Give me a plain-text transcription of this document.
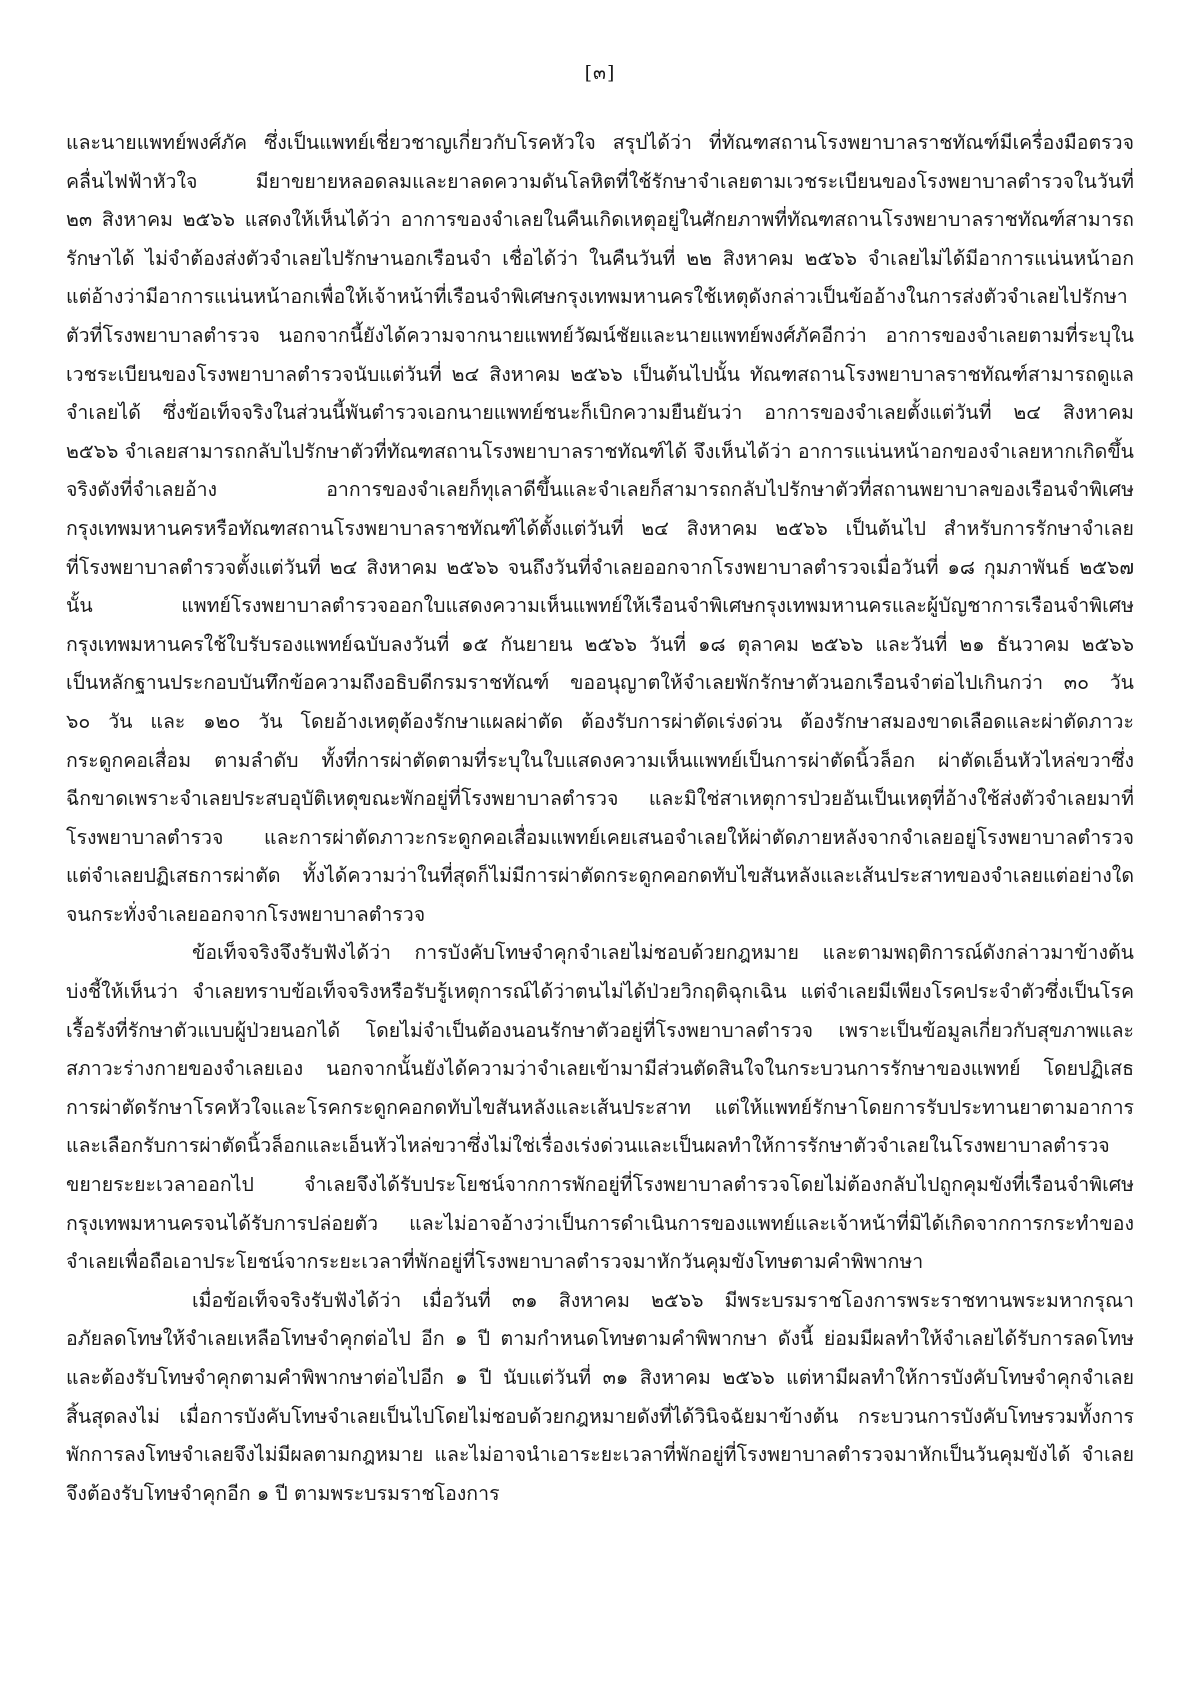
[๓]
และนายแพทย์พงศ์ภัค ซึ่งเป็นแพทย์เชี่ยวชาญเกี่ยวกับโรคหัวใจ สรุปได้ว่า ที่ทัณฑสถานโรงพยาบาลราชทัณฑ์มีเครื่องมือตรวจ
คลื่นไฟฟ้าหัวใจ มียาขยายหลอดลมและยาลดความดันโลหิตที่ใช้รักษาจำเลยตามเวชระเบียนของโรงพยาบาลตำรวจในวันที่
๒๓ สิงหาคม ๒๕๖๖ แสดงให้เห็นได้ว่า อาการของจำเลยในคืนเกิดเหตุอยู่ในศักยภาพที่ทัณฑสถานโรงพยาบาลราชทัณฑ์สามารถ
รักษาได้ ไม่จำต้องส่งตัวจำเลยไปรักษานอกเรือนจำ เชื่อได้ว่า ในคืนวันที่ ๒๒ สิงหาคม ๒๕๖๖ จำเลยไม่ได้มีอาการแน่นหน้าอก
แต่อ้างว่ามีอาการแน่นหน้าอกเพื่อให้เจ้าหน้าที่เรือนจำพิเศษกรุงเทพมหานครใช้เหตุดังกล่าวเป็นข้ออ้างในการส่งตัวจำเลยไปรักษา
ตัวที่โรงพยาบาลตำรวจ นอกจากนี้ยังได้ความจากนายแพทย์วัฒน์ชัยและนายแพทย์พงศ์ภัคอีกว่า อาการของจำเลยตามที่ระบุใน
เวชระเบียนของโรงพยาบาลตำรวจนับแต่วันที่ ๒๔ สิงหาคม ๒๕๖๖ เป็นต้นไปนั้น ทัณฑสถานโรงพยาบาลราชทัณฑ์สามารถดูแล
จำเลยได้ ซึ่งข้อเท็จจริงในส่วนนี้พันตำรวจเอกนายแพทย์ชนะก็เบิกความยืนยันว่า อาการของจำเลยตั้งแต่วันที่ ๒๔ สิงหาคม
๒๕๖๖ จำเลยสามารถกลับไปรักษาตัวที่ทัณฑสถานโรงพยาบาลราชทัณฑ์ได้ จึงเห็นได้ว่า อาการแน่นหน้าอกของจำเลยหากเกิดขึ้น
จริงดังที่จำเลยอ้าง อาการของจำเลยก็ทุเลาดีขึ้นและจำเลยก็สามารถกลับไปรักษาตัวที่สถานพยาบาลของเรือนจำพิเศษ
กรุงเทพมหานครหรือทัณฑสถานโรงพยาบาลราชทัณฑ์ได้ตั้งแต่วันที่ ๒๔ สิงหาคม ๒๕๖๖ เป็นต้นไป สำหรับการรักษาจำเลย
ที่โรงพยาบาลตำรวจตั้งแต่วันที่ ๒๔ สิงหาคม ๒๕๖๖ จนถึงวันที่จำเลยออกจากโรงพยาบาลตำรวจเมื่อวันที่ ๑๘ กุมภาพันธ์ ๒๕๖๗
นั้น แพทย์โรงพยาบาลตำรวจออกใบแสดงความเห็นแพทย์ให้เรือนจำพิเศษกรุงเทพมหานครและผู้บัญชาการเรือนจำพิเศษ
กรุงเทพมหานครใช้ใบรับรองแพทย์ฉบับลงวันที่ ๑๕ กันยายน ๒๕๖๖ วันที่ ๑๘ ตุลาคม ๒๕๖๖ และวันที่ ๒๑ ธันวาคม ๒๕๖๖
เป็นหลักฐานประกอบบันทึกข้อความถึงอธิบดีกรมราชทัณฑ์ ขออนุญาตให้จำเลยพักรักษาตัวนอกเรือนจำต่อไปเกินกว่า ๓๐ วัน
๖๐ วัน และ ๑๒๐ วัน โดยอ้างเหตุต้องรักษาแผลผ่าตัด ต้องรับการผ่าตัดเร่งด่วน ต้องรักษาสมองขาดเลือดและผ่าตัดภาวะ
กระดูกคอเสื่อม ตามลำดับ ทั้งที่การผ่าตัดตามที่ระบุในใบแสดงความเห็นแพทย์เป็นการผ่าตัดนิ้วล็อก ผ่าตัดเอ็นหัวไหล่ขวาซึ่ง
ฉีกขาดเพราะจำเลยประสบอุบัติเหตุขณะพักอยู่ที่โรงพยาบาลตำรวจ และมิใช่สาเหตุการป่วยอันเป็นเหตุที่อ้างใช้ส่งตัวจำเลยมาที่
โรงพยาบาลตำรวจ และการผ่าตัดภาวะกระดูกคอเสื่อมแพทย์เคยเสนอจำเลยให้ผ่าตัดภายหลังจากจำเลยอยู่โรงพยาบาลตำรวจ
แต่จำเลยปฏิเสธการผ่าตัด ทั้งได้ความว่าในที่สุดก็ไม่มีการผ่าตัดกระดูกคอกดทับไขสันหลังและเส้นประสาทของจำเลยแต่อย่างใด
จนกระทั่งจำเลยออกจากโรงพยาบาลตำรวจ
ข้อเท็จจริงจึงรับฟังได้ว่า การบังคับโทษจำคุกจำเลยไม่ชอบด้วยกฎหมาย และตามพฤติการณ์ดังกล่าวมาข้างต้น
บ่งชี้ให้เห็นว่า จำเลยทราบข้อเท็จจริงหรือรับรู้เหตุการณ์ได้ว่าตนไม่ได้ป่วยวิกฤติฉุกเฉิน แต่จำเลยมีเพียงโรคประจำตัวซึ่งเป็นโรค
เรื้อรังที่รักษาตัวแบบผู้ป่วยนอกได้ โดยไม่จำเป็นต้องนอนรักษาตัวอยู่ที่โรงพยาบาลตำรวจ เพราะเป็นข้อมูลเกี่ยวกับสุขภาพและ
สภาวะร่างกายของจำเลยเอง นอกจากนั้นยังได้ความว่าจำเลยเข้ามามีส่วนตัดสินใจในกระบวนการรักษาของแพทย์ โดยปฏิเสธ
การผ่าตัดรักษาโรคหัวใจและโรคกระดูกคอกดทับไขสันหลังและเส้นประสาท แต่ให้แพทย์รักษาโดยการรับประทานยาตามอาการ
และเลือกรับการผ่าตัดนิ้วล็อกและเอ็นหัวไหล่ขวาซึ่งไม่ใช่เรื่องเร่งด่วนและเป็นผลทำให้การรักษาตัวจำเลยในโรงพยาบาลตำรวจ
ขยายระยะเวลาออกไป จำเลยจึงได้รับประโยชน์จากการพักอยู่ที่โรงพยาบาลตำรวจโดยไม่ต้องกลับไปถูกคุมขังที่เรือนจำพิเศษ
กรุงเทพมหานครจนได้รับการปล่อยตัว และไม่อาจอ้างว่าเป็นการดำเนินการของแพทย์และเจ้าหน้าที่มิได้เกิดจากการกระทำของ
จำเลยเพื่อถือเอาประโยชน์จากระยะเวลาที่พักอยู่ที่โรงพยาบาลตำรวจมาหักวันคุมขังโทษตามคำพิพากษา
เมื่อข้อเท็จจริงรับฟังได้ว่า เมื่อวันที่ ๓๑ สิงหาคม ๒๕๖๖ มีพระบรมราชโองการพระราชทานพระมหากรุณา
อภัยลดโทษให้จำเลยเหลือโทษจำคุกต่อไป อีก ๑ ปี ตามกำหนดโทษตามคำพิพากษา ดังนี้ ย่อมมีผลทำให้จำเลยได้รับการลดโทษ
และต้องรับโทษจำคุกตามคำพิพากษาต่อไปอีก ๑ ปี นับแต่วันที่ ๓๑ สิงหาคม ๒๕๖๖ แต่หามีผลทำให้การบังคับโทษจำคุกจำเลย
สิ้นสุดลงไม่ เมื่อการบังคับโทษจำเลยเป็นไปโดยไม่ชอบด้วยกฎหมายดังที่ได้วินิจฉัยมาข้างต้น กระบวนการบังคับโทษรวมทั้งการ
พักการลงโทษจำเลยจึงไม่มีผลตามกฎหมาย และไม่อาจนำเอาระยะเวลาที่พักอยู่ที่โรงพยาบาลตำรวจมาหักเป็นวันคุมขังได้ จำเลย
จึงต้องรับโทษจำคุกอีก ๑ ปี ตามพระบรมราชโองการ
